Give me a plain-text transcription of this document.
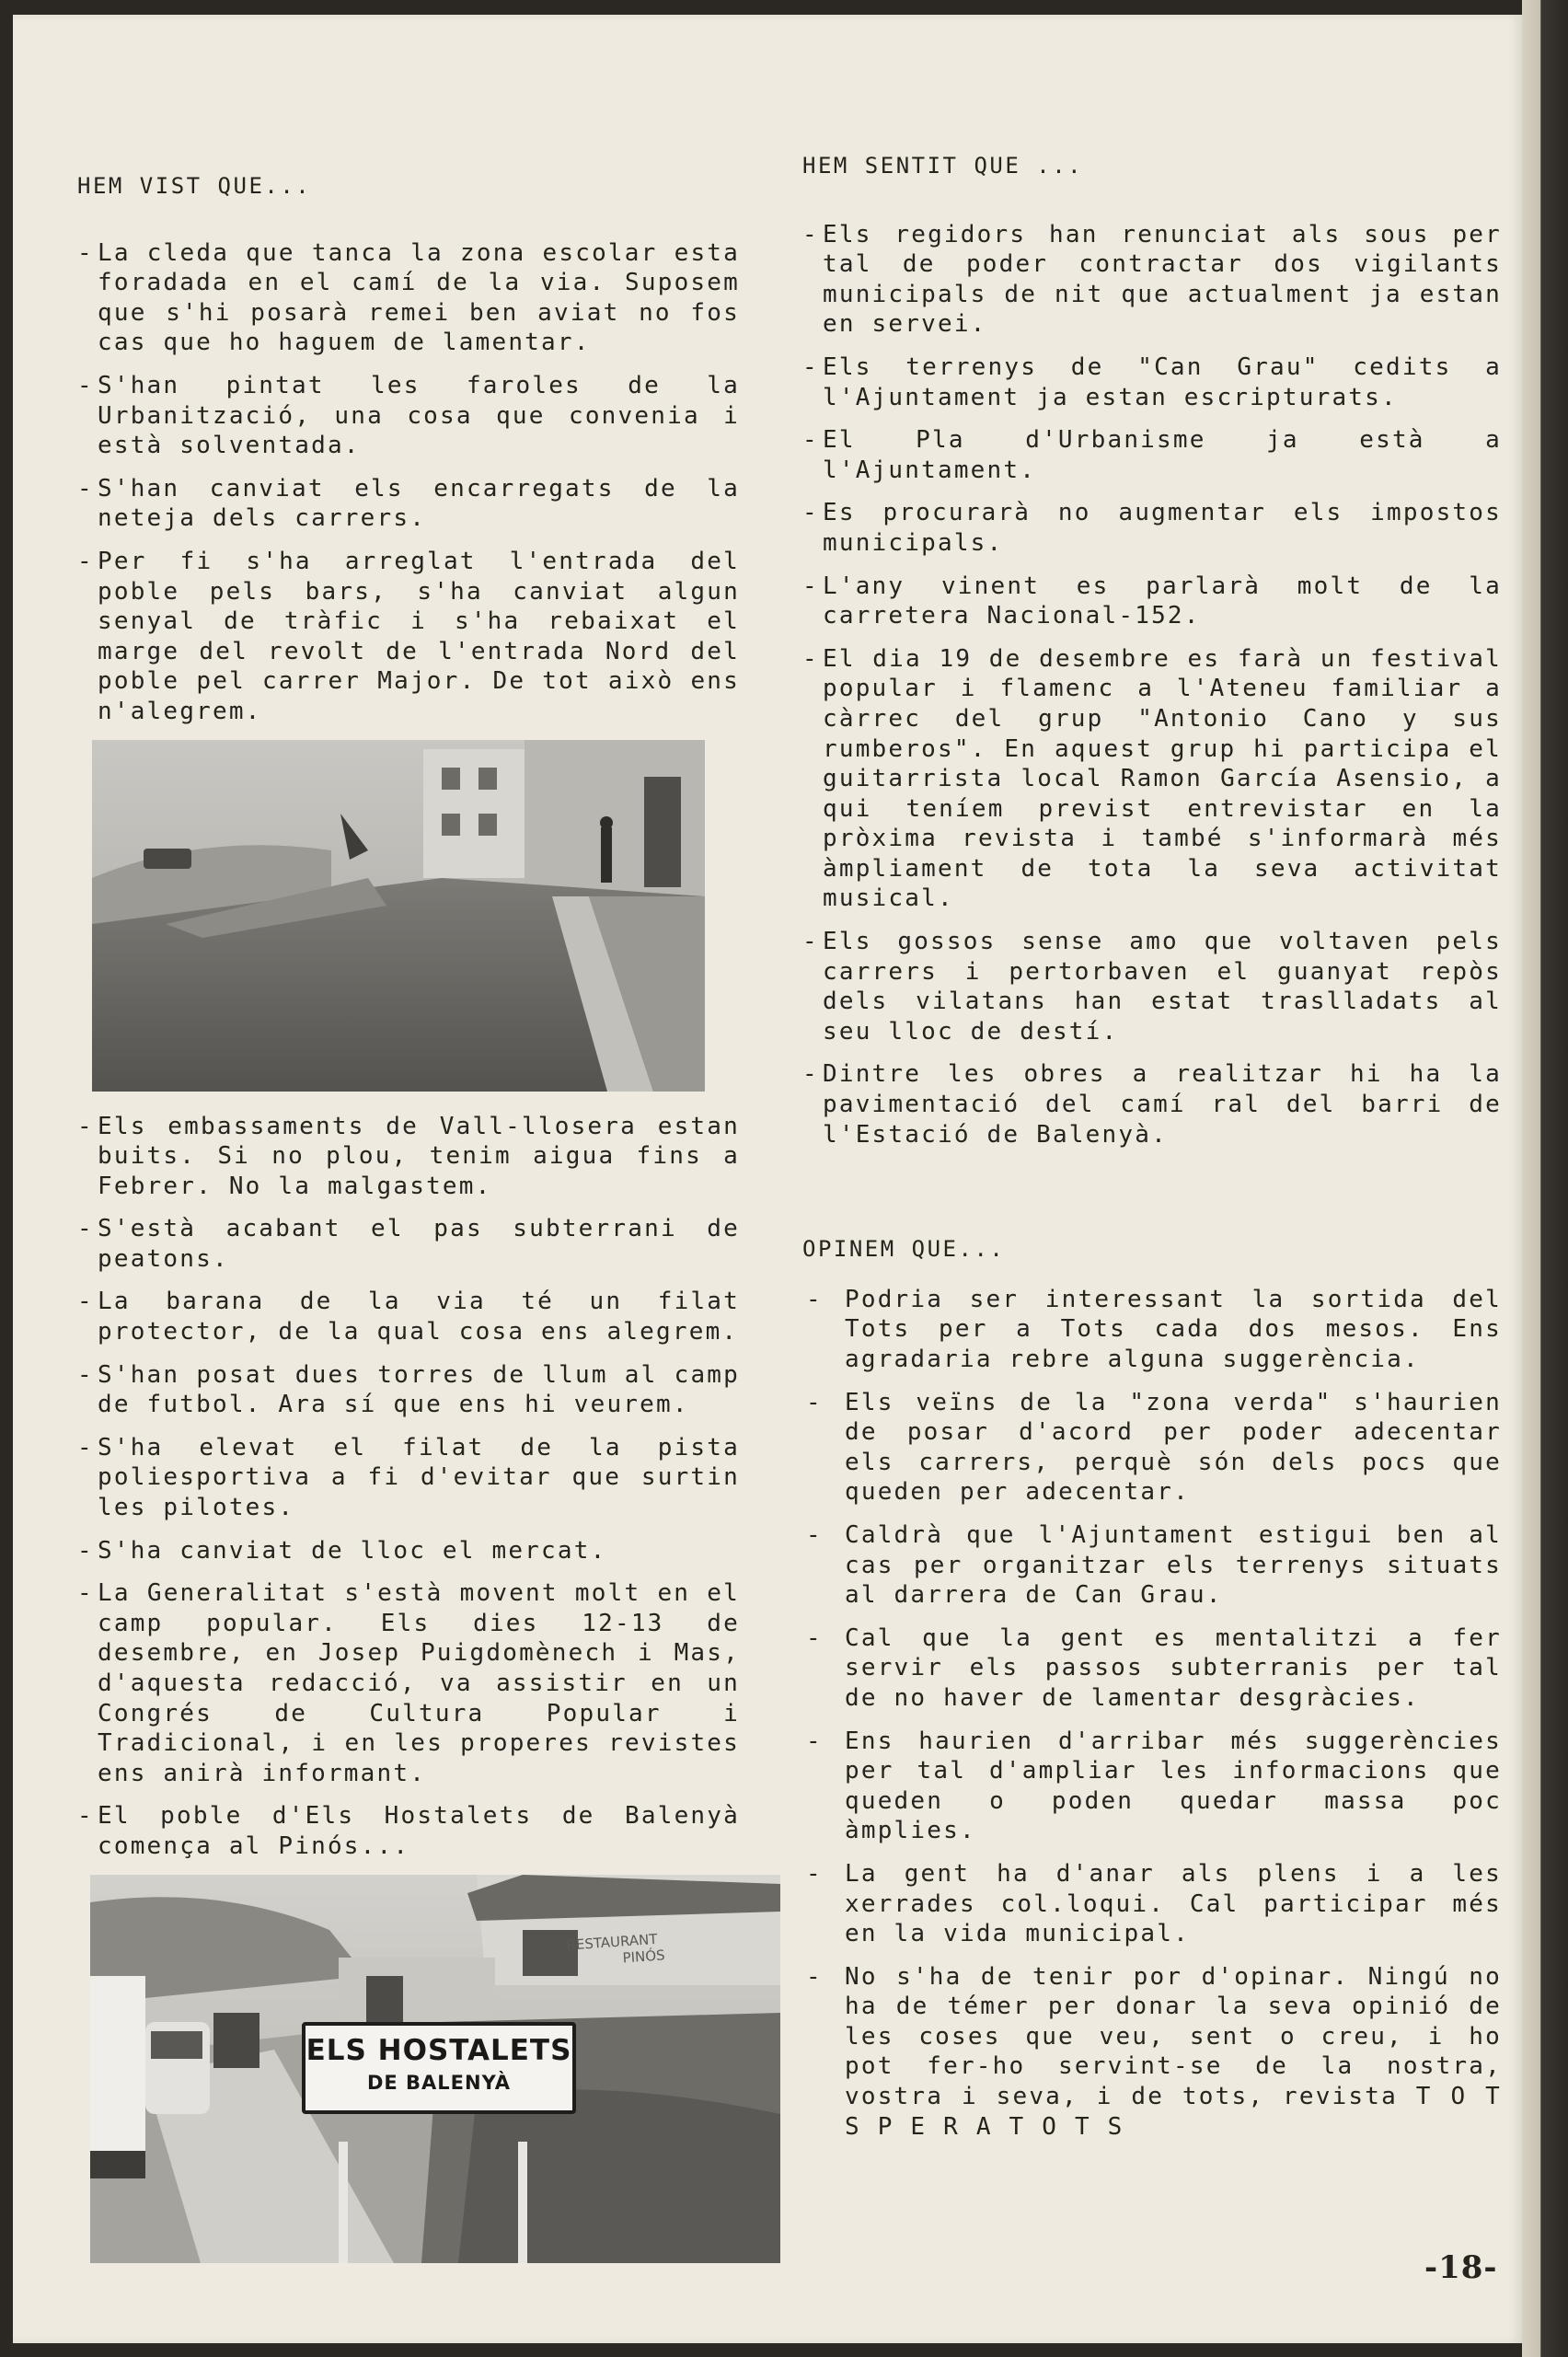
HEM VIST QUE...
- La cleda que tanca la zona escolar esta foradada en el camí de la via. Suposem que s'hi posarà remei ben aviat no fos cas que ho haguem de lamentar.
- S'han pintat les faroles de la Urbanització, una cosa que convenia i està solventada.
- S'han canviat els encarregats de la neteja dels carrers.
- Per fi s'ha arreglat l'entrada del poble pels bars, s'ha canviat algun senyal de tràfic i s'ha rebaixat el marge del revolt de l'entrada Nord del poble pel carrer Major. De tot això ens n'alegrem.
- Els embassaments de Vall-llosera estan buits. Si no plou, tenim aigua fins a Febrer. No la malgastem.
- S'està acabant el pas subterrani de peatons.
- La barana de la via té un filat protector, de la qual cosa ens alegrem.
- S'han posat dues torres de llum al camp de futbol. Ara sí que ens hi veurem.
- S'ha elevat el filat de la pista poliesportiva a fi d'evitar que surtin les pilotes.
- S'ha canviat de lloc el mercat.
- La Generalitat s'està movent molt en el camp popular. Els dies 12-13 de desembre, en Josep Puigdomènech i Mas, d'aquesta redacció, va assistir en un Congrés de Cultura Popular i Tradicional, i en les properes revistes ens anirà informant.
- El poble d'Els Hostalets de Balenyà comença al Pinós...
ELS HOSTALETS
DE BALENYÀ
RESTAURANT
PINÓS
HEM SENTIT QUE ...
- Els regidors han renunciat als sous per tal de poder contractar dos vigilants municipals de nit que actualment ja estan en servei.
- Els terrenys de "Can Grau" cedits a l'Ajuntament ja estan escripturats.
- El Pla d'Urbanisme ja està a l'Ajuntament.
- Es procurarà no augmentar els impostos municipals.
- L'any vinent es parlarà molt de la carretera Nacional-152.
- El dia 19 de desembre es farà un festival popular i flamenc a l'Ateneu familiar a càrrec del grup "Antonio Cano y sus rumberos". En aquest grup hi participa el guitarrista local Ramon García Asensio, a qui teníem previst entrevistar en la pròxima revista i també s'informarà més àmpliament de tota la seva activitat musical.
- Els gossos sense amo que voltaven pels carrers i pertorbaven el guanyat repòs dels vilatans han estat traslladats al seu lloc de destí.
- Dintre les obres a realitzar hi ha la pavimentació del camí ral del barri de l'Estació de Balenyà.
OPINEM QUE...
- Podria ser interessant la sortida del Tots per a Tots cada dos mesos. Ens agradaria rebre alguna suggerència.
- Els veïns de la "zona verda" s'haurien de posar d'acord per poder adecentar els carrers, perquè són dels pocs que queden per adecentar.
- Caldrà que l'Ajuntament estigui ben al cas per organitzar els terrenys situats al darrera de Can Grau.
- Cal que la gent es mentalitzi a fer servir els passos subterranis per tal de no haver de lamentar desgràcies.
- Ens haurien d'arribar més suggerències per tal d'ampliar les informacions que queden o poden quedar massa poc àmplies.
- La gent ha d'anar als plens i a les xerrades col.loqui. Cal participar més en la vida municipal.
- No s'ha de tenir por d'opinar. Ningú no ha de témer per donar la seva opinió de les coses que veu, sent o creu, i ho pot fer-ho servint-se de la nostra, vostra i seva, i de tots, revista T O T S P E R A T O T S
-18-
